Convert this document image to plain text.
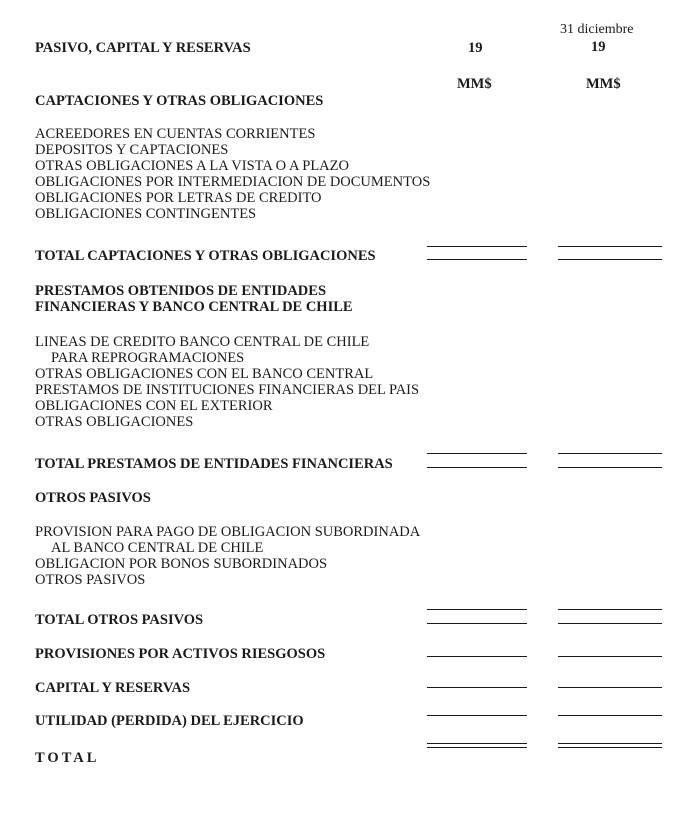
31 diciembre
PASIVO, CAPITAL Y RESERVAS	19	19
MM$	MM$
CAPTACIONES Y OTRAS OBLIGACIONES
ACREEDORES EN CUENTAS CORRIENTES
DEPOSITOS Y CAPTACIONES
OTRAS OBLIGACIONES A LA VISTA O A PLAZO
OBLIGACIONES POR INTERMEDIACION DE DOCUMENTOS
OBLIGACIONES POR LETRAS DE CREDITO
OBLIGACIONES CONTINGENTES
TOTAL CAPTACIONES Y OTRAS OBLIGACIONES
PRESTAMOS OBTENIDOS DE ENTIDADES
FINANCIERAS Y BANCO CENTRAL DE CHILE
LINEAS DE CREDITO BANCO CENTRAL DE CHILE
PARA REPROGRAMACIONES
OTRAS OBLIGACIONES CON EL BANCO CENTRAL
PRESTAMOS DE INSTITUCIONES FINANCIERAS DEL PAIS
OBLIGACIONES CON EL EXTERIOR
OTRAS OBLIGACIONES
TOTAL PRESTAMOS DE ENTIDADES FINANCIERAS
OTROS PASIVOS
PROVISION PARA PAGO DE OBLIGACION SUBORDINADA
AL BANCO CENTRAL DE CHILE
OBLIGACION POR BONOS SUBORDINADOS
OTROS PASIVOS
TOTAL OTROS PASIVOS
PROVISIONES POR ACTIVOS RIESGOSOS
CAPITAL Y RESERVAS
UTILIDAD (PERDIDA) DEL EJERCICIO
TOTAL
